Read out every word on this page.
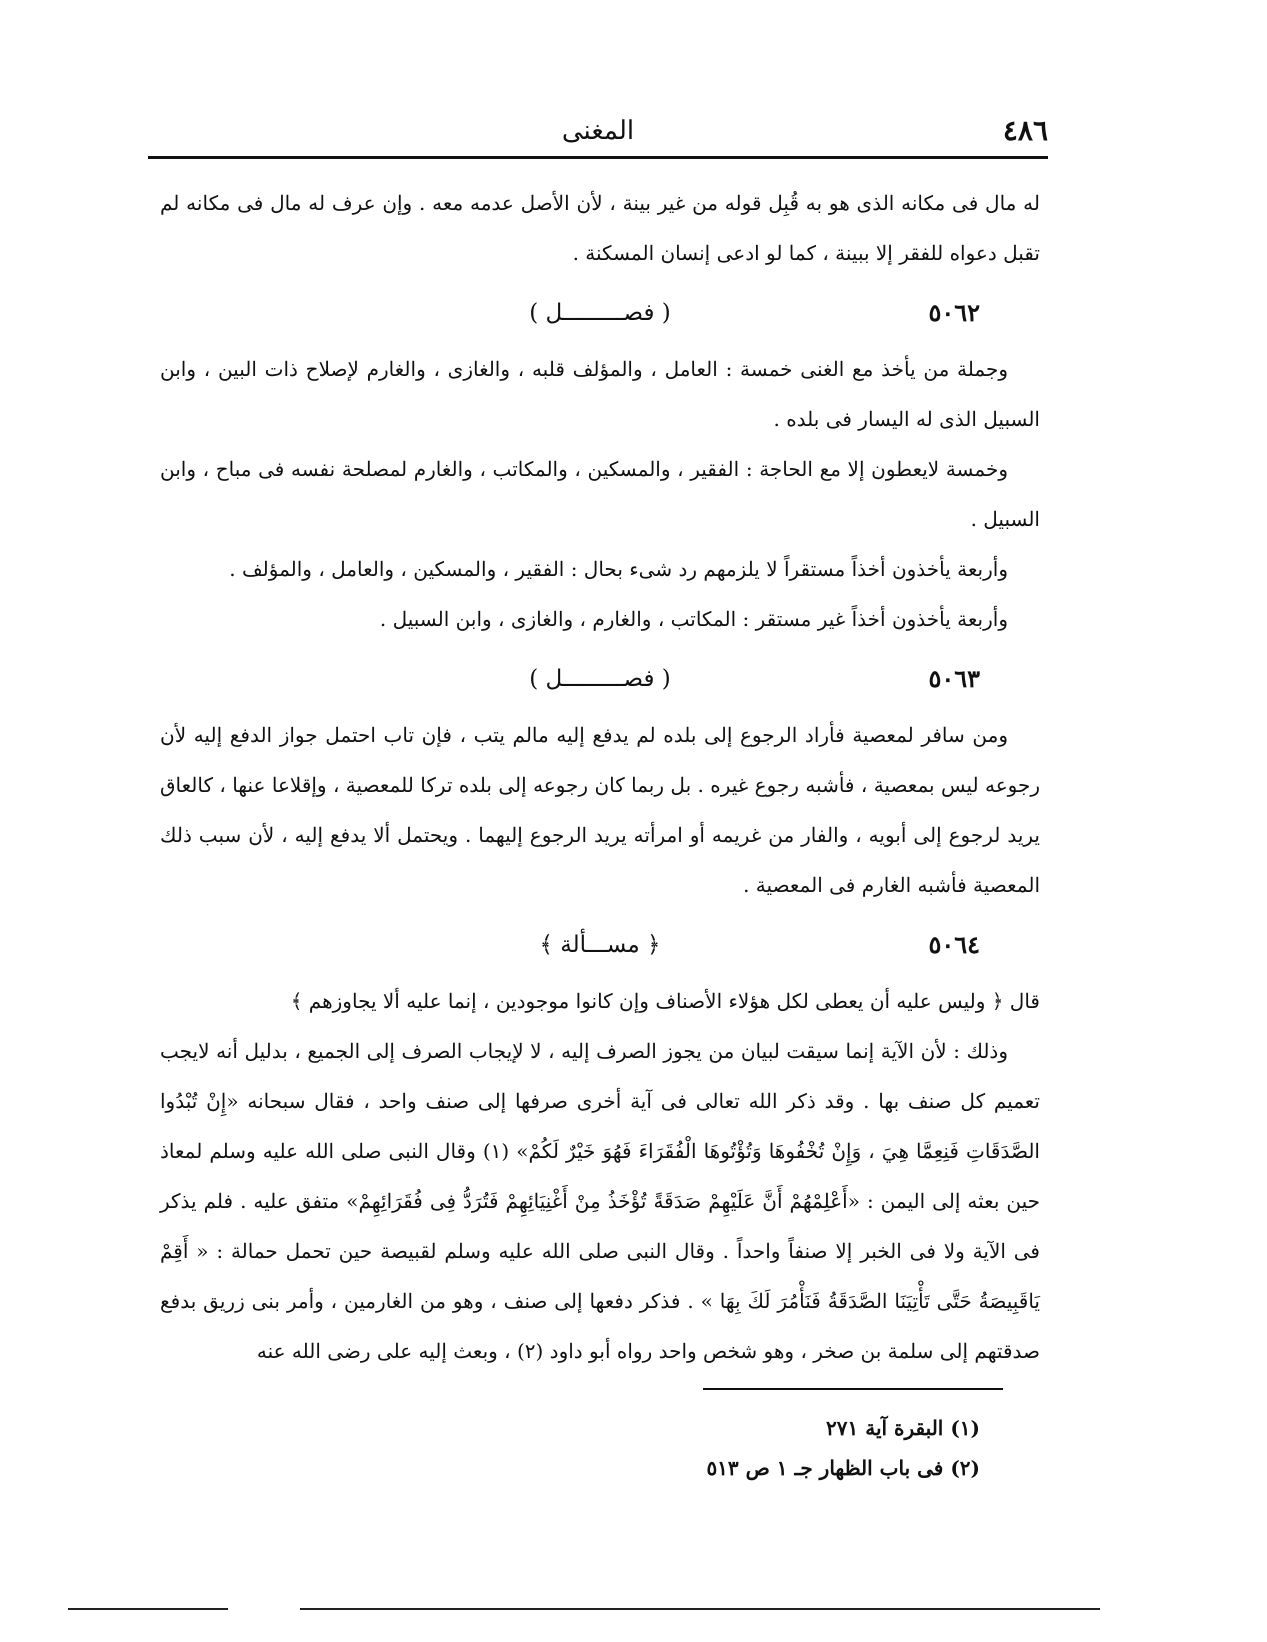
٤٨٦
المغنى

له مال فى مكانه الذى هو به قُبِل قوله من غير بينة ، لأن الأصل عدمه معه . وإن عرف له مال فى مكانه لم تقبل دعواه للفقر إلا ببينة ، كما لو ادعى إنسان المسكنة .

٥٠٦٢
( فصـــــــــل )

وجملة من يأخذ مع الغنى خمسة : العامل ، والمؤلف قلبه ، والغازى ، والغارم لإصلاح ذات البين ، وابن السبيل الذى له اليسار فى بلده .

وخمسة لايعطون إلا مع الحاجة : الفقير ، والمسكين ، والمكاتب ، والغارم لمصلحة نفسه فى مباح ، وابن السبيل .

وأربعة يأخذون أخذاً مستقراً لا يلزمهم رد شىء بحال : الفقير ، والمسكين ، والعامل ، والمؤلف .

وأربعة يأخذون أخذاً غير مستقر : المكاتب ، والغارم ، والغازى ، وابن السبيل .

٥٠٦٣
( فصـــــــــل )

ومن سافر لمعصية فأراد الرجوع إلى بلده لم يدفع إليه مالم يتب ، فإن تاب احتمل جواز الدفع إليه لأن رجوعه ليس بمعصية ، فأشبه رجوع غيره . بل ربما كان رجوعه إلى بلده تركا للمعصية ، وإقلاعا عنها ، كالعاق يريد لرجوع إلى أبويه ، والفار من غريمه أو امرأته يريد الرجوع إليهما . ويحتمل ألا يدفع إليه ، لأن سبب ذلك المعصية فأشبه الغارم فى المعصية .

٥٠٦٤
﴿ مســـألة ﴾

قال ﴿ وليس عليه أن يعطى لكل هؤلاء الأصناف وإن كانوا موجودين ، إنما عليه ألا يجاوزهم ﴾

وذلك : لأن الآية إنما سيقت لبيان من يجوز الصرف إليه ، لا لإيجاب الصرف إلى الجميع ، بدليل أنه لايجب تعميم كل صنف بها . وقد ذكر الله تعالى فى آية أخرى صرفها إلى صنف واحد ، فقال سبحانه «إِنْ تُبْدُوا الصَّدَقَاتِ فَنِعِمَّا هِيَ ، وَإِنْ تُخْفُوهَا وَتُؤْتُوهَا الْفُقَرَاءَ فَهُوَ خَيْرٌ لَكُمْ» (١) وقال النبى صلى الله عليه وسلم لمعاذ حين بعثه إلى اليمن : «أَعْلِمْهُمْ أَنَّ عَلَيْهِمْ صَدَقَةً تُؤْخَذُ مِنْ أَغْنِيَائِهِمْ فَتُرَدُّ فِى فُقَرَائِهِمْ» متفق عليه . فلم يذكر فى الآية ولا فى الخبر إلا صنفاً واحداً . وقال النبى صلى الله عليه وسلم لقبيصة حين تحمل حمالة : « أَقِمْ يَاقَبِيصَةُ حَتَّى تَأْتِيَنَا الصَّدَقَةُ فَنَأْمُرَ لَكَ بِهَا » . فذكر دفعها إلى صنف ، وهو من الغارمين ، وأمر بنى زريق بدفع صدقتهم إلى سلمة بن صخر ، وهو شخص واحد رواه أبو داود (٢) ، وبعث إليه على رضى الله عنه

(١) البقرة آية ٢٧١
(٢) فى باب الظهار جـ ١ ص ٥١٣
